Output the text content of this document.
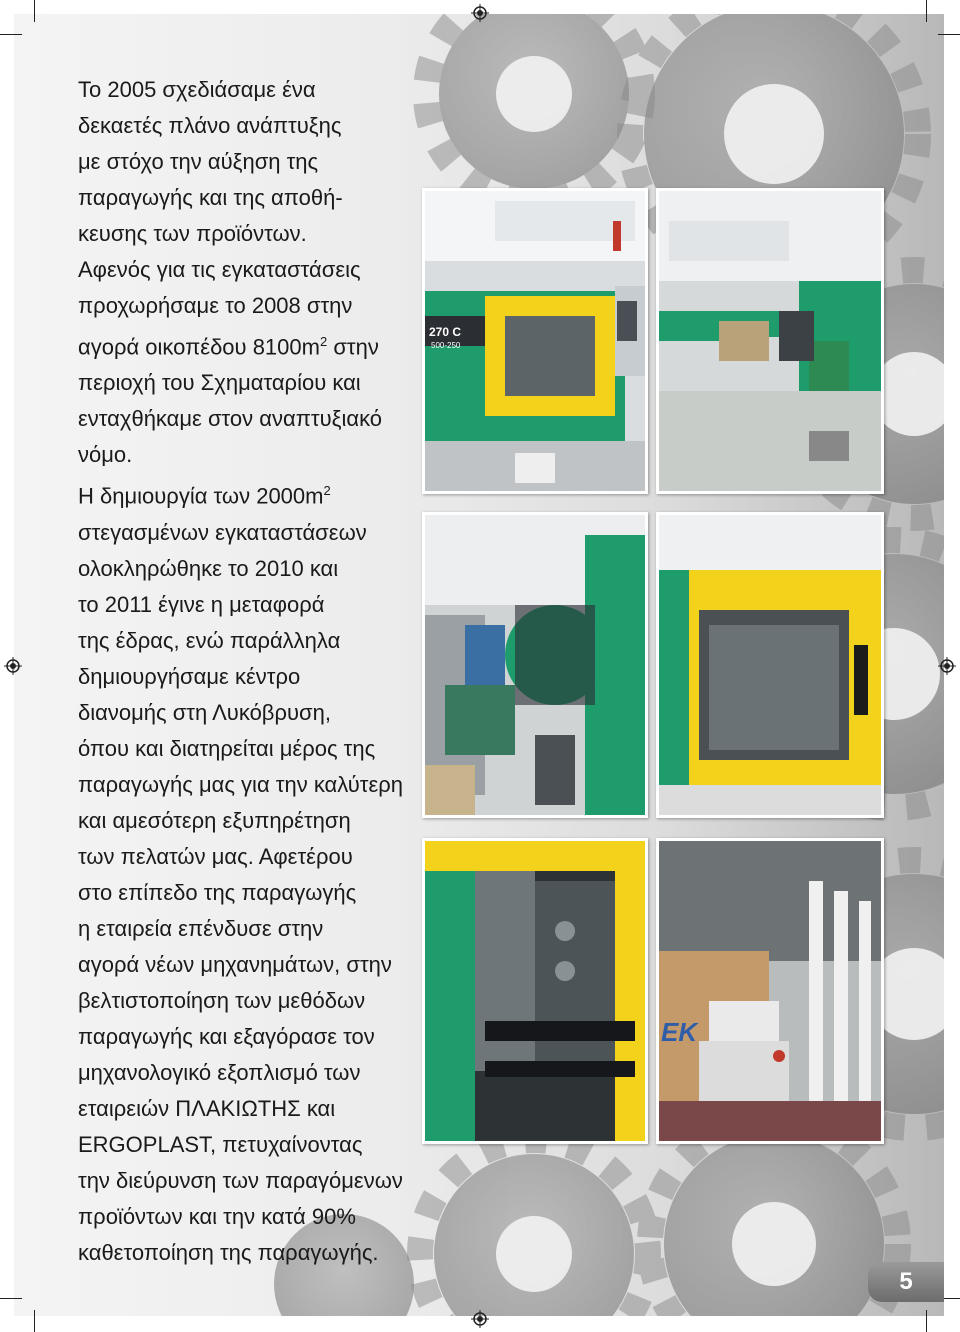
Το 2005 σχεδιάσαμε ένα
δεκαετές πλάνο ανάπτυξης
με στόχο την αύξηση της
παραγωγής και της αποθή-
κευσης των προϊόντων.
Αφενός για τις εγκαταστάσεις
προχωρήσαμε το 2008 στην
αγορά οικοπέδου $8100m^2$ στην
περιοχή του Σχηματαρίου και
ενταχθήκαμε στον αναπτυξιακό
νόμο.
Η δημιουργία των $2000m^2$
στεγασμένων εγκαταστάσεων
ολοκληρώθηκε το 2010 και
το 2011 έγινε η μεταφορά
της έδρας, ενώ παράλληλα
δημιουργήσαμε κέντρο
διανομής στη Λυκόβρυση,
όπου και διατηρείται μέρος της
παραγωγής μας για την καλύτερη
και αμεσότερη εξυπηρέτηση
των πελατών μας. Αφετέρου
στο επίπεδο της παραγωγής
η εταιρεία επένδυσε στην
αγορά νέων μηχανημάτων, στην
βελτιστοποίηση των μεθόδων
παραγωγής και εξαγόρασε τον
μηχανολογικό εξοπλισμό των
εταιρειών ΠΛΑΚΙΩΤΗΣ και
ERGOPLAST, πετυχαίνοντας
την διεύρυνση των παραγόμενων
προϊόντων και την κατά 90%
καθετοποίηση της παραγωγής.
270 C
500-250
EK
5
